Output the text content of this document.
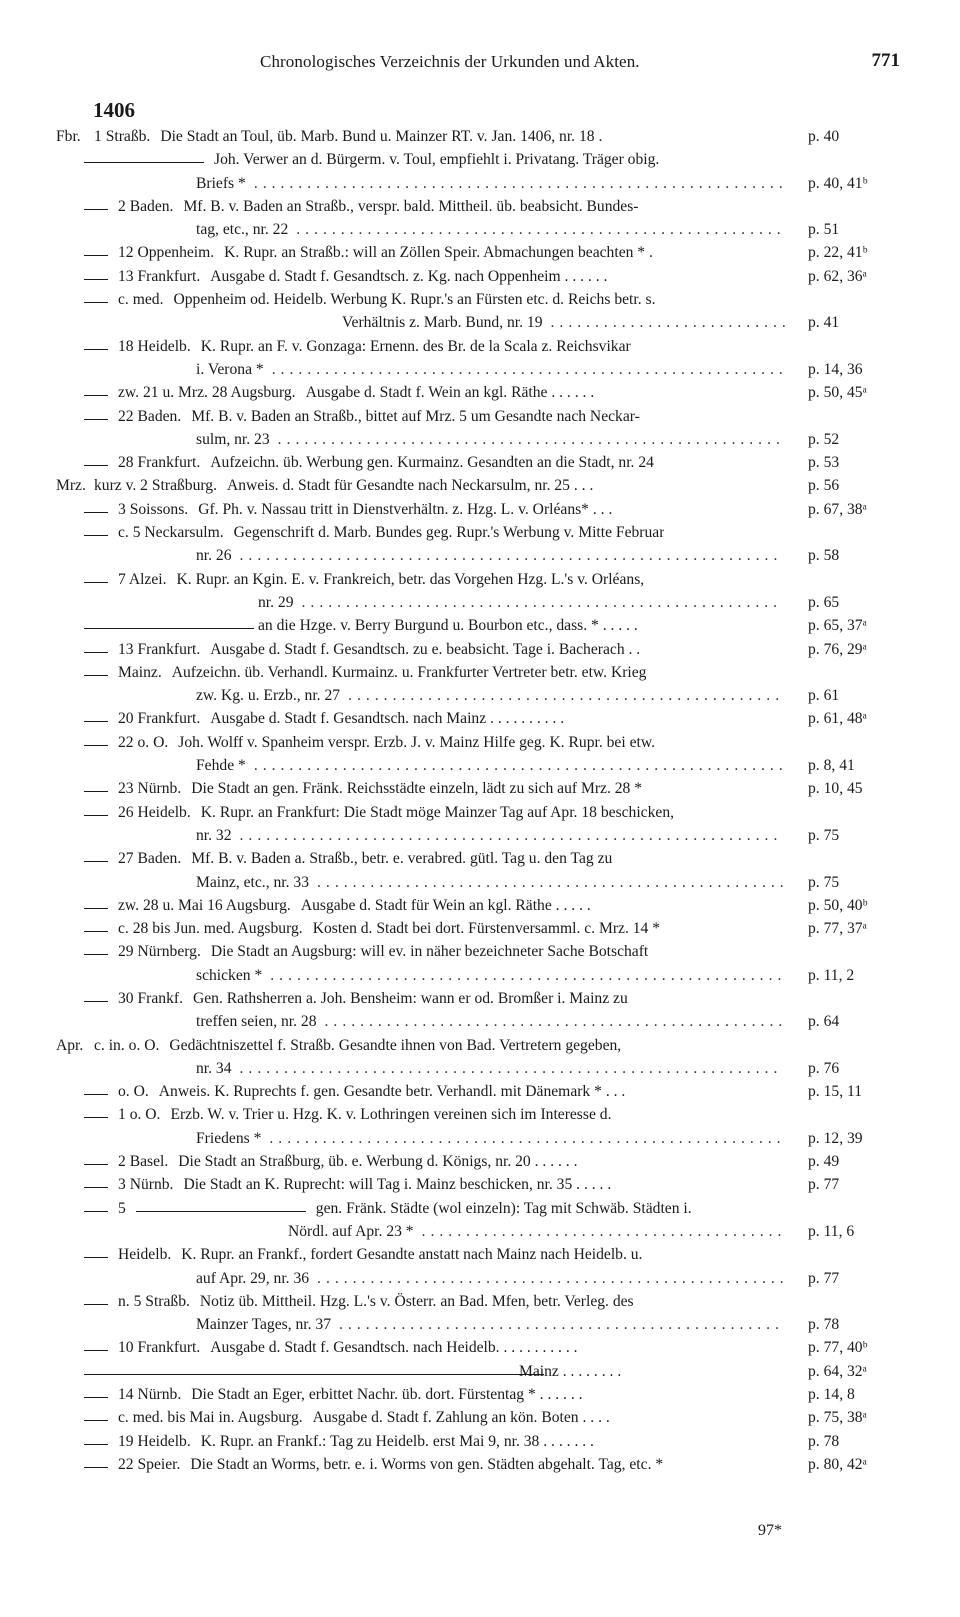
Chronologisches Verzeichnis der Urkunden und Akten.	771
1406
Fbr. 1 Straßb. Die Stadt an Toul, üb. Marb. Bund u. Mainzer RT. v. Jan. 1406, nr. 18 .	p. 40
Joh. Verwer an d. Bürgerm. v. Toul, empfiehlt i. Privatang. Träger obig.
Briefs * ............................................................	p. 40, 41ᵇ
2 Baden. Mf. B. v. Baden an Straßb., verspr. bald. Mittheil. üb. beabsicht. Bundes-
tag, etc., nr. 22 .......................................................	p. 51
12 Oppenheim. K. Rupr. an Straßb.: will an Zöllen Speir. Abmachungen beachten * .	p. 22, 41ᵇ
13 Frankfurt. Ausgabe d. Stadt f. Gesandtsch. z. Kg. nach Oppenheim . . . . . .	p. 62, 36ᵃ
c. med. Oppenheim od. Heidelb. Werbung K. Rupr.'s an Fürsten etc. d. Reichs betr. s.
Verhältnis z. Marb. Bund, nr. 19 ...........................	p. 41
18 Heidelb. K. Rupr. an F. v. Gonzaga: Ernenn. des Br. de la Scala z. Reichsvikar
i. Verona * ..........................................................	p. 14, 36
zw. 21 u. Mrz. 28 Augsburg. Ausgabe d. Stadt f. Wein an kgl. Räthe . . . . . .	p. 50, 45ᵃ
22 Baden. Mf. B. v. Baden an Straßb., bittet auf Mrz. 5 um Gesandte nach Neckar-
sulm, nr. 23 .........................................................	p. 52
28 Frankfurt. Aufzeichn. üb. Werbung gen. Kurmainz. Gesandten an die Stadt, nr. 24	p. 53
Mrz. kurz v. 2 Straßburg. Anweis. d. Stadt für Gesandte nach Neckarsulm, nr. 25 . . .	p. 56
3 Soissons. Gf. Ph. v. Nassau tritt in Dienstverhältn. z. Hzg. L. v. Orléans* . . .	p. 67, 38ᵃ
c. 5 Neckarsulm. Gegenschrift d. Marb. Bundes geg. Rupr.'s Werbung v. Mitte Februar
nr. 26 .............................................................	p. 58
7 Alzei. K. Rupr. an Kgin. E. v. Frankreich, betr. das Vorgehen Hzg. L.'s v. Orléans,
nr. 29 ......................................................	p. 65
an die Hzge. v. Berry Burgund u. Bourbon etc., dass. * . . . . .	p. 65, 37ᵃ
13 Frankfurt. Ausgabe d. Stadt f. Gesandtsch. zu e. beabsicht. Tage i. Bacherach . .	p. 76, 29ᵃ
Mainz. Aufzeichn. üb. Verhandl. Kurmainz. u. Frankfurter Vertreter betr. etw. Krieg
zw. Kg. u. Erzb., nr. 27 .................................................	p. 61
20 Frankfurt. Ausgabe d. Stadt f. Gesandtsch. nach Mainz . . . . . . . . . .	p. 61, 48ᵃ
22 o. O. Joh. Wolff v. Spanheim verspr. Erzb. J. v. Mainz Hilfe geg. K. Rupr. bei etw.
Fehde * ............................................................	p. 8, 41
23 Nürnb. Die Stadt an gen. Fränk. Reichsstädte einzeln, lädt zu sich auf Mrz. 28 *	p. 10, 45
26 Heidelb. K. Rupr. an Frankfurt: Die Stadt möge Mainzer Tag auf Apr. 18 beschicken,
nr. 32 .............................................................	p. 75
27 Baden. Mf. B. v. Baden a. Straßb., betr. e. verabred. gütl. Tag u. den Tag zu
Mainz, etc., nr. 33 .....................................................	p. 75
zw. 28 u. Mai 16 Augsburg. Ausgabe d. Stadt für Wein an kgl. Räthe . . . . .	p. 50, 40ᵇ
c. 28 bis Jun. med. Augsburg. Kosten d. Stadt bei dort. Fürstenversamml. c. Mrz. 14 *	p. 77, 37ᵃ
29 Nürnberg. Die Stadt an Augsburg: will ev. in näher bezeichneter Sache Botschaft
schicken * ..........................................................	p. 11, 2
30 Frankf. Gen. Rathsherren a. Joh. Bensheim: wann er od. Bromßer i. Mainz zu
treffen seien, nr. 28 ....................................................	p. 64
Apr. c. in. o. O. Gedächtniszettel f. Straßb. Gesandte ihnen von Bad. Vertretern gegeben,
nr. 34 .............................................................	p. 76
o. O. Anweis. K. Ruprechts f. gen. Gesandte betr. Verhandl. mit Dänemark * . . .	p. 15, 11
1 o. O. Erzb. W. v. Trier u. Hzg. K. v. Lothringen vereinen sich im Interesse d.
Friedens * ..........................................................	p. 12, 39
2 Basel. Die Stadt an Straßburg, üb. e. Werbung d. Königs, nr. 20 . . . . . .	p. 49
3 Nürnb. Die Stadt an K. Ruprecht: will Tag i. Mainz beschicken, nr. 35 . . . . .	p. 77
5	gen. Fränk. Städte (wol einzeln): Tag mit Schwäb. Städten i.
Nördl. auf Apr. 23 * .........................................	p. 11, 6
Heidelb. K. Rupr. an Frankf., fordert Gesandte anstatt nach Mainz nach Heidelb. u.
auf Apr. 29, nr. 36 .....................................................	p. 77
n. 5 Straßb. Notiz üb. Mittheil. Hzg. L.'s v. Österr. an Bad. Mfen, betr. Verleg. des
Mainzer Tages, nr. 37 ..................................................	p. 78
10 Frankfurt. Ausgabe d. Stadt f. Gesandtsch. nach Heidelb. . . . . . . . . . .	p. 77, 40ᵇ
Mainz . . . . . . . .	p. 64, 32ᵃ
14 Nürnb. Die Stadt an Eger, erbittet Nachr. üb. dort. Fürstentag * . . . . . .	p. 14, 8
c. med. bis Mai in. Augsburg. Ausgabe d. Stadt f. Zahlung an kön. Boten . . . .	p. 75, 38ᵃ
19 Heidelb. K. Rupr. an Frankf.: Tag zu Heidelb. erst Mai 9, nr. 38 . . . . . . .	p. 78
22 Speier. Die Stadt an Worms, betr. e. i. Worms von gen. Städten abgehalt. Tag, etc. *	p. 80, 42ᵃ
97*
